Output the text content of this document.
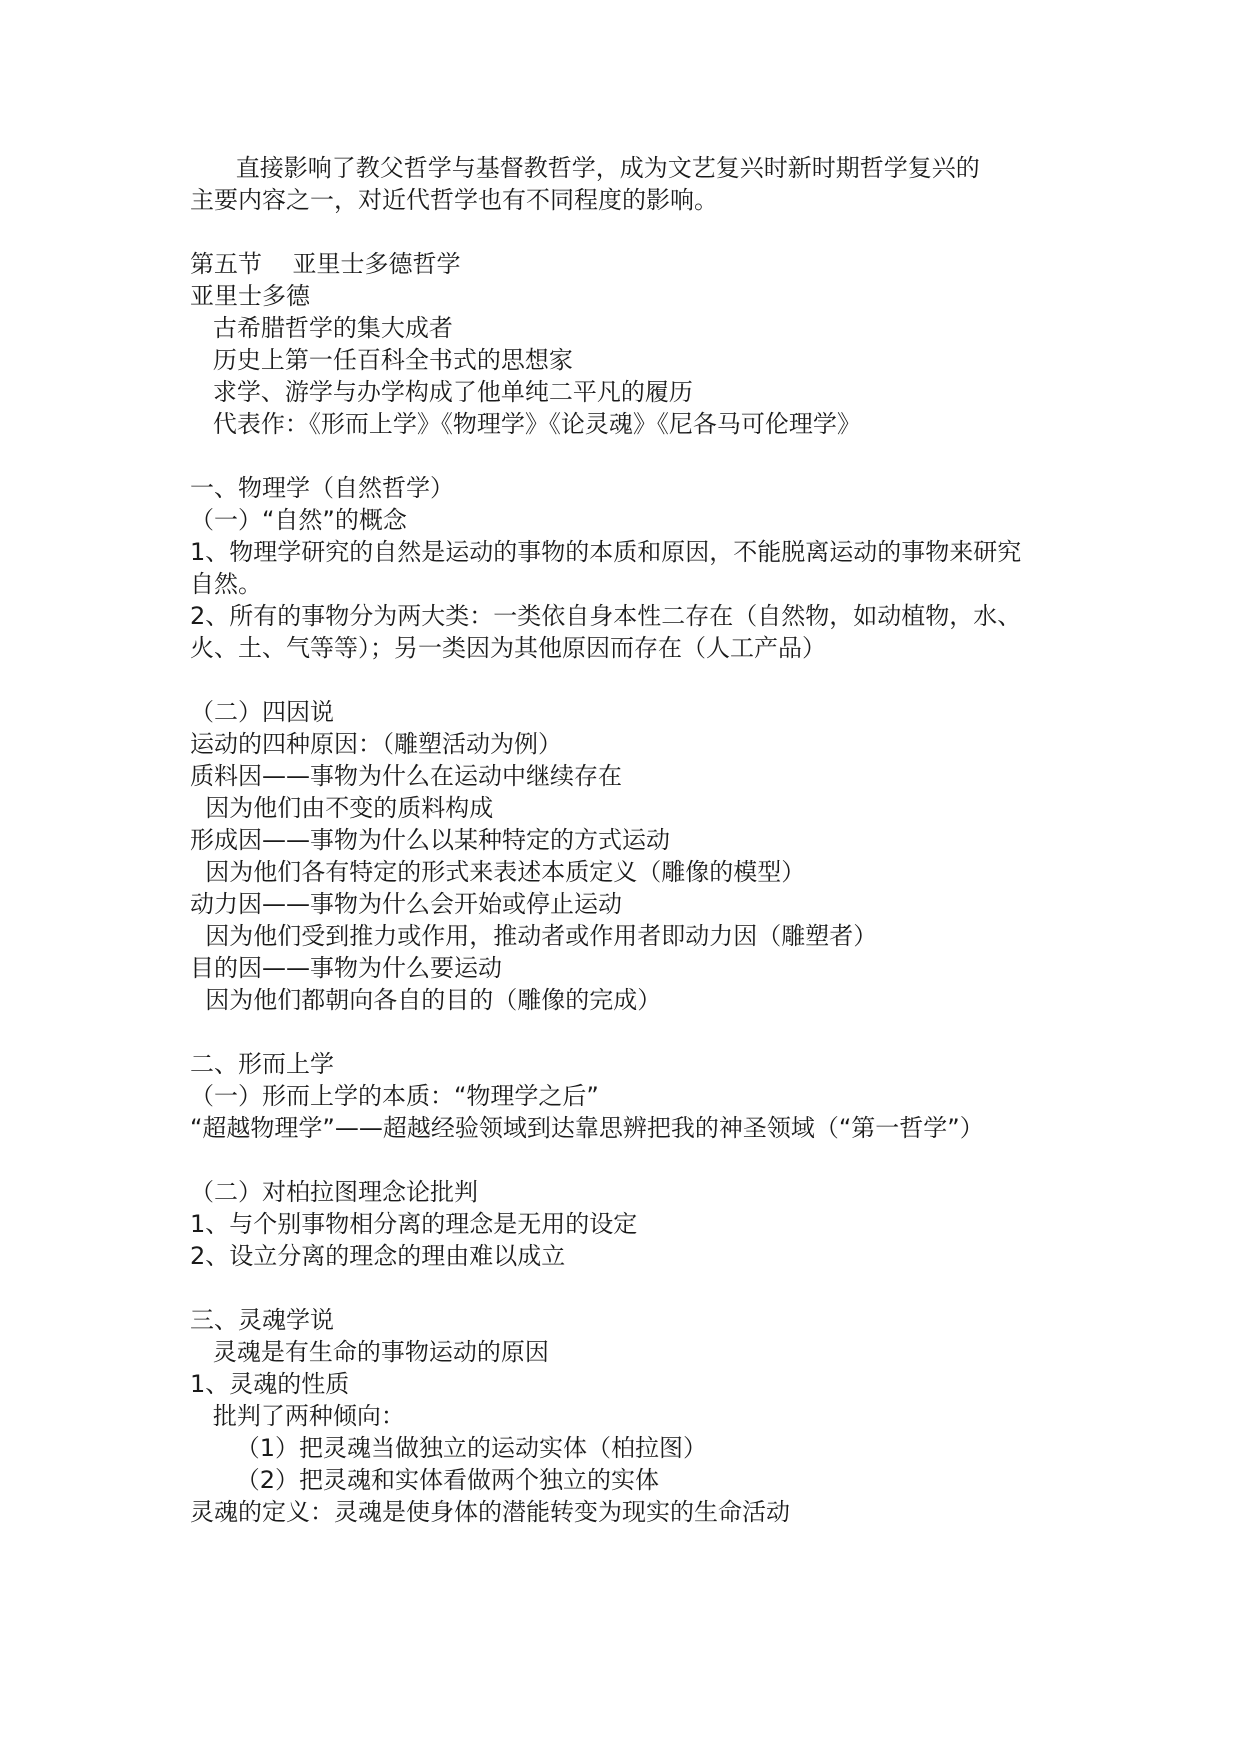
直接影响了教父哲学与基督教哲学，成为文艺复兴时新时期哲学复兴的
主要内容之一，对近代哲学也有不同程度的影响。
第五节    亚里士多德哲学
亚里士多德
古希腊哲学的集大成者
历史上第一任百科全书式的思想家
求学、游学与办学构成了他单纯二平凡的履历
代表作：《形而上学》《物理学》《论灵魂》《尼各马可伦理学》
一、物理学（自然哲学）
（一）“自然”的概念
1、物理学研究的自然是运动的事物的本质和原因，不能脱离运动的事物来研究
自然。
2、所有的事物分为两大类：一类依自身本性二存在（自然物，如动植物，水、
火、土、气等等）；另一类因为其他原因而存在（人工产品）
（二）四因说
运动的四种原因：（雕塑活动为例）
质料因——事物为什么在运动中继续存在
因为他们由不变的质料构成
形成因——事物为什么以某种特定的方式运动
因为他们各有特定的形式来表述本质定义（雕像的模型）
动力因——事物为什么会开始或停止运动
因为他们受到推力或作用，推动者或作用者即动力因（雕塑者）
目的因——事物为什么要运动
因为他们都朝向各自的目的（雕像的完成）
二、形而上学
（一）形而上学的本质：“物理学之后”
“超越物理学”——超越经验领域到达靠思辨把我的神圣领域（“第一哲学”）
（二）对柏拉图理念论批判
1、与个别事物相分离的理念是无用的设定
2、设立分离的理念的理由难以成立
三、灵魂学说
灵魂是有生命的事物运动的原因
1、灵魂的性质
批判了两种倾向：
（1）把灵魂当做独立的运动实体（柏拉图）
（2）把灵魂和实体看做两个独立的实体
灵魂的定义：灵魂是使身体的潜能转变为现实的生命活动
